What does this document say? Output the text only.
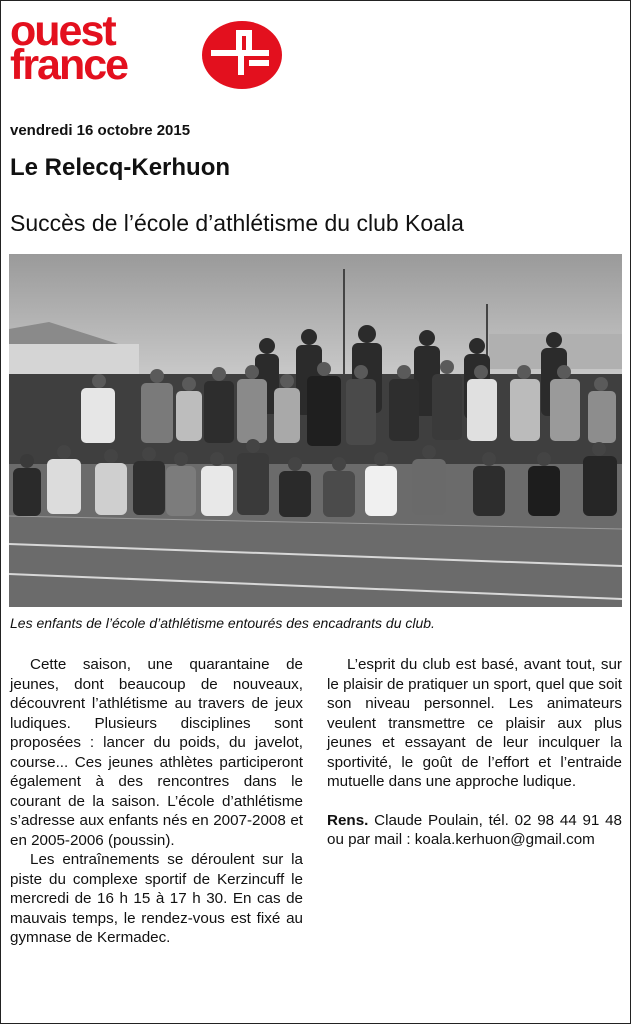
ouest
france
vendredi 16 octobre 2015
Le Relecq-Kerhuon
Succès de l’école d’athlétisme du club Koala
Les enfants de l’école d’athlétisme entourés des encadrants du club.

Cette saison, une quarantaine de jeunes, dont beaucoup de nouveaux, découvrent l’athlétisme au travers de jeux ludiques. Plusieurs disciplines sont proposées : lancer du poids, du javelot, course... Ces jeunes athlètes participeront également à des rencontres dans le courant de la saison. L’école d’athlétisme s’adresse aux enfants nés en 2007-2008 et en 2005-2006 (poussin).

Les entraînements se déroulent sur la piste du complexe sportif de Kerzincuff le mercredi de 16 h 15 à 17 h 30. En cas de mauvais temps, le rendez-vous est fixé au gymnase de Kermadec.

L’esprit du club est basé, avant tout, sur le plaisir de pratiquer un sport, quel que soit son niveau personnel. Les animateurs veulent transmettre ce plaisir aux plus jeunes et essayant de leur inculquer la sportivité, le goût de l’effort et l’entraide mutuelle dans une approche ludique.

Rens. Claude Poulain, tél. 02 98 44 91 48 ou par mail : koala.kerhuon@gmail.com
